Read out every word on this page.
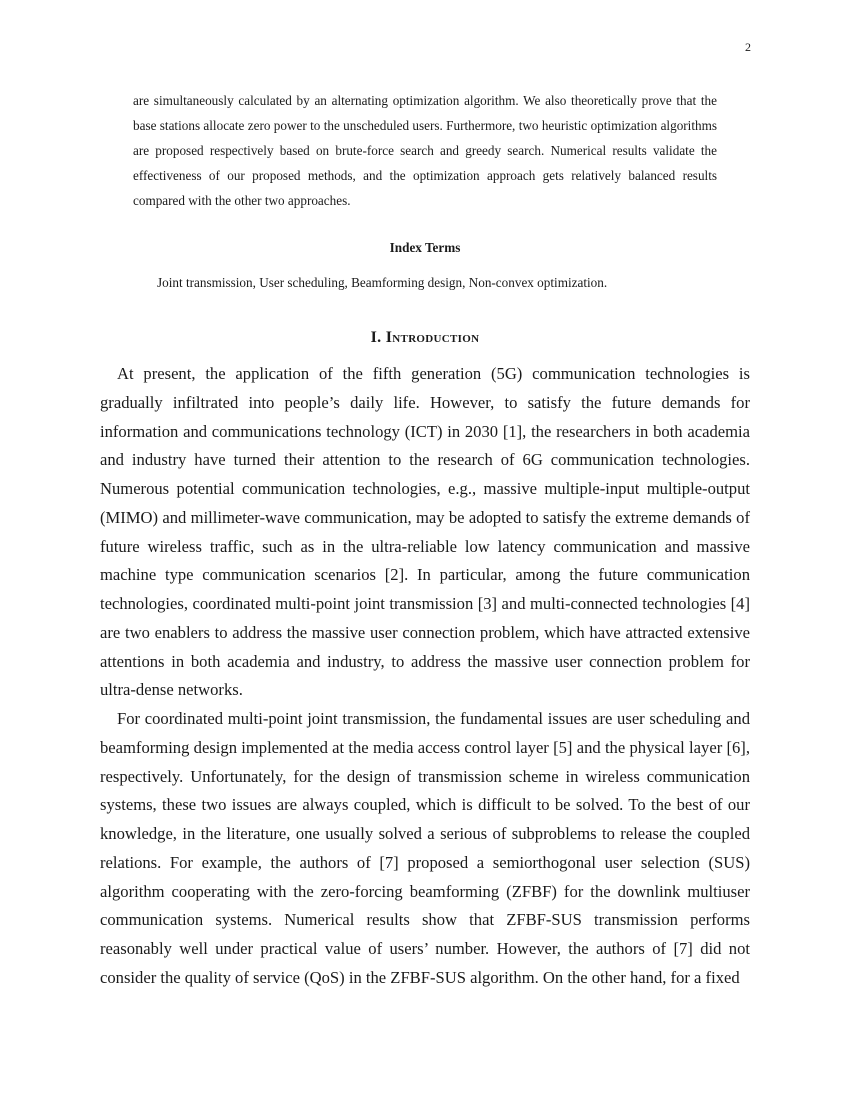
2

are simultaneously calculated by an alternating optimization algorithm. We also theoretically prove that the base stations allocate zero power to the unscheduled users. Furthermore, two heuristic optimization algorithms are proposed respectively based on brute-force search and greedy search. Numerical results validate the effectiveness of our proposed methods, and the optimization approach gets relatively balanced results compared with the other two approaches.

Index Terms

Joint transmission, User scheduling, Beamforming design, Non-convex optimization.

I. Introduction

At present, the application of the fifth generation (5G) communication technologies is gradually infiltrated into people’s daily life. However, to satisfy the future demands for information and communications technology (ICT) in 2030 [1], the researchers in both academia and industry have turned their attention to the research of 6G communication technologies. Numerous potential communication technologies, e.g., massive multiple-input multiple-output (MIMO) and millimeter-wave communication, may be adopted to satisfy the extreme demands of future wireless traffic, such as in the ultra-reliable low latency communication and massive machine type communication scenarios [2]. In particular, among the future communication technologies, coordinated multi-point joint transmission [3] and multi-connected technologies [4] are two enablers to address the massive user connection problem, which have attracted extensive attentions in both academia and industry, to address the massive user connection problem for ultra-dense networks.

For coordinated multi-point joint transmission, the fundamental issues are user scheduling and beamforming design implemented at the media access control layer [5] and the physical layer [6], respectively. Unfortunately, for the design of transmission scheme in wireless communication systems, these two issues are always coupled, which is difficult to be solved. To the best of our knowledge, in the literature, one usually solved a serious of subproblems to release the coupled relations. For example, the authors of [7] proposed a semiorthogonal user selection (SUS) algorithm cooperating with the zero-forcing beamforming (ZFBF) for the downlink multiuser communication systems. Numerical results show that ZFBF-SUS transmission performs reasonably well under practical value of users’ number. However, the authors of [7] did not consider the quality of service (QoS) in the ZFBF-SUS algorithm. On the other hand, for a fixed
